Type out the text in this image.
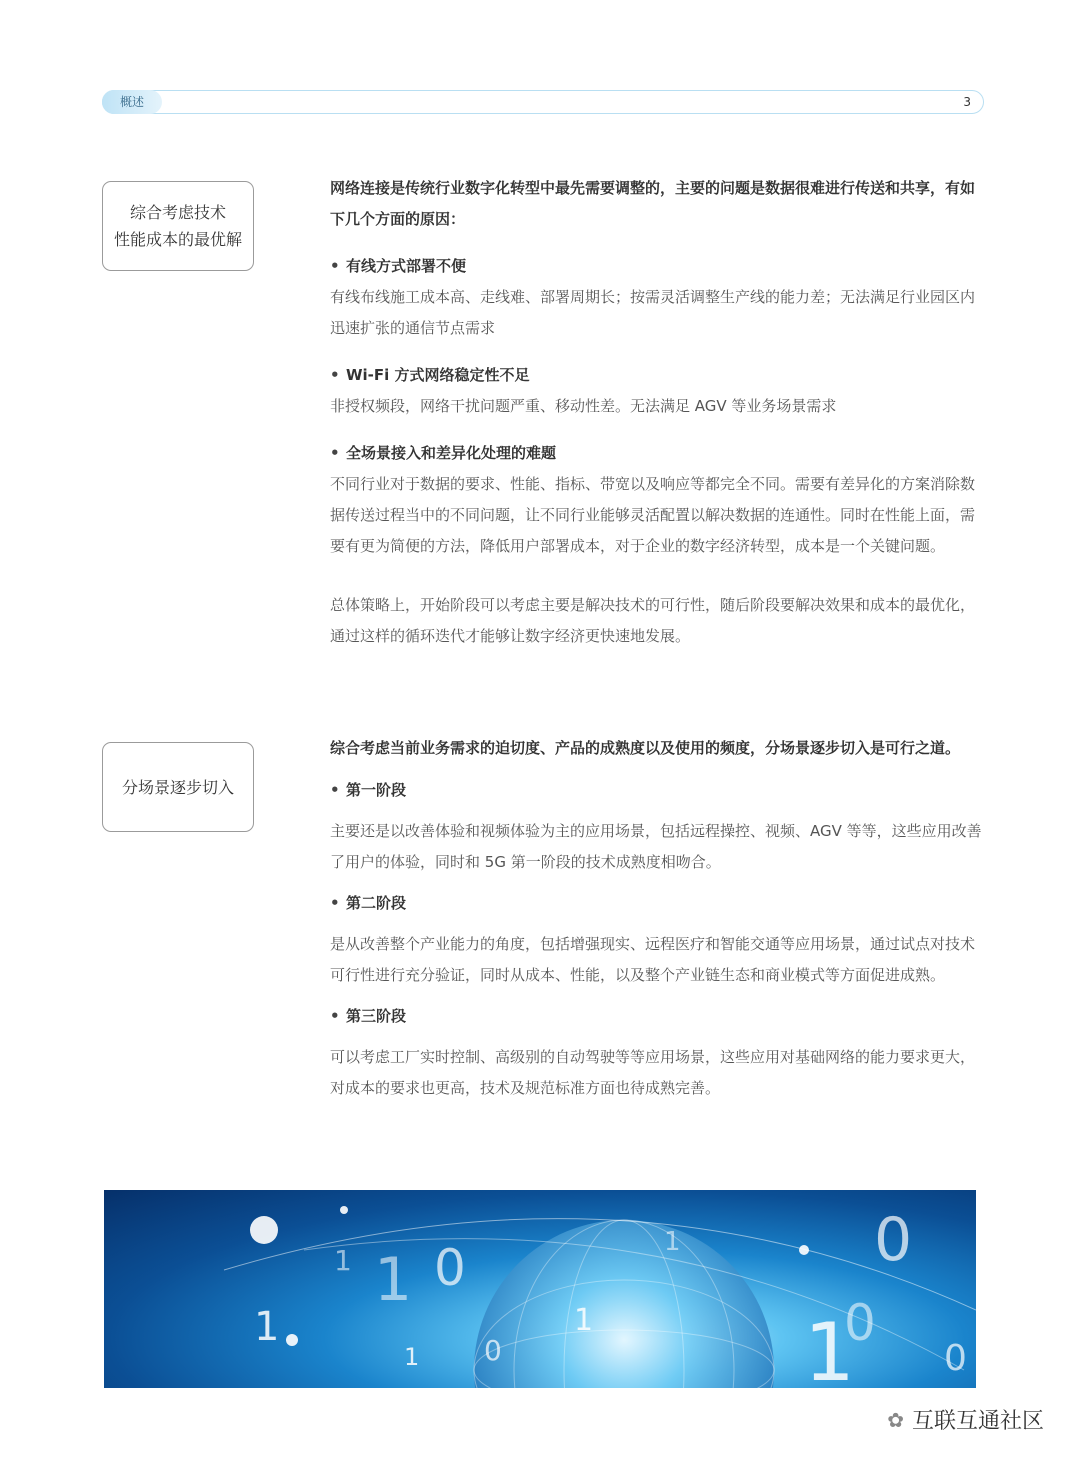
概述	3
综合考虑技术
性能成本的最优解

网络连接是传统行业数字化转型中最先需要调整的，主要的问题是数据很难进行传送和共享，有如下几个方面的原因：

• 有线方式部署不便

有线布线施工成本高、走线难、部署周期长；按需灵活调整生产线的能力差；无法满足行业园区内迅速扩张的通信节点需求

• Wi-Fi 方式网络稳定性不足

非授权频段，网络干扰问题严重、移动性差。无法满足 AGV 等业务场景需求

• 全场景接入和差异化处理的难题

不同行业对于数据的要求、性能、指标、带宽以及响应等都完全不同。需要有差异化的方案消除数据传送过程当中的不同问题，让不同行业能够灵活配置以解决数据的连通性。同时在性能上面，需要有更为简便的方法，降低用户部署成本，对于企业的数字经济转型，成本是一个关键问题。

总体策略上，开始阶段可以考虑主要是解决技术的可行性，随后阶段要解决效果和成本的最优化，通过这样的循环迭代才能够让数字经济更快速地发展。

分场景逐步切入

综合考虑当前业务需求的迫切度、产品的成熟度以及使用的频度，分场景逐步切入是可行之道。

• 第一阶段

主要还是以改善体验和视频体验为主的应用场景，包括远程操控、视频、AGV 等等，这些应用改善了用户的体验，同时和 5G 第一阶段的技术成熟度相吻合。

• 第二阶段

是从改善整个产业能力的角度，包括增强现实、远程医疗和智能交通等应用场景，通过试点对技术可行性进行充分验证，同时从成本、性能，以及整个产业链生态和商业模式等方面促进成熟。

• 第三阶段

可以考虑工厂实时控制、高级别的自动驾驶等等应用场景，这些应用对基础网络的能力要求更大，对成本的要求也更高，技术及规范标准方面也待成熟完善。

1 0
1
1	0
1
0
0
1
1
0
1
✿ 互联互通社区
